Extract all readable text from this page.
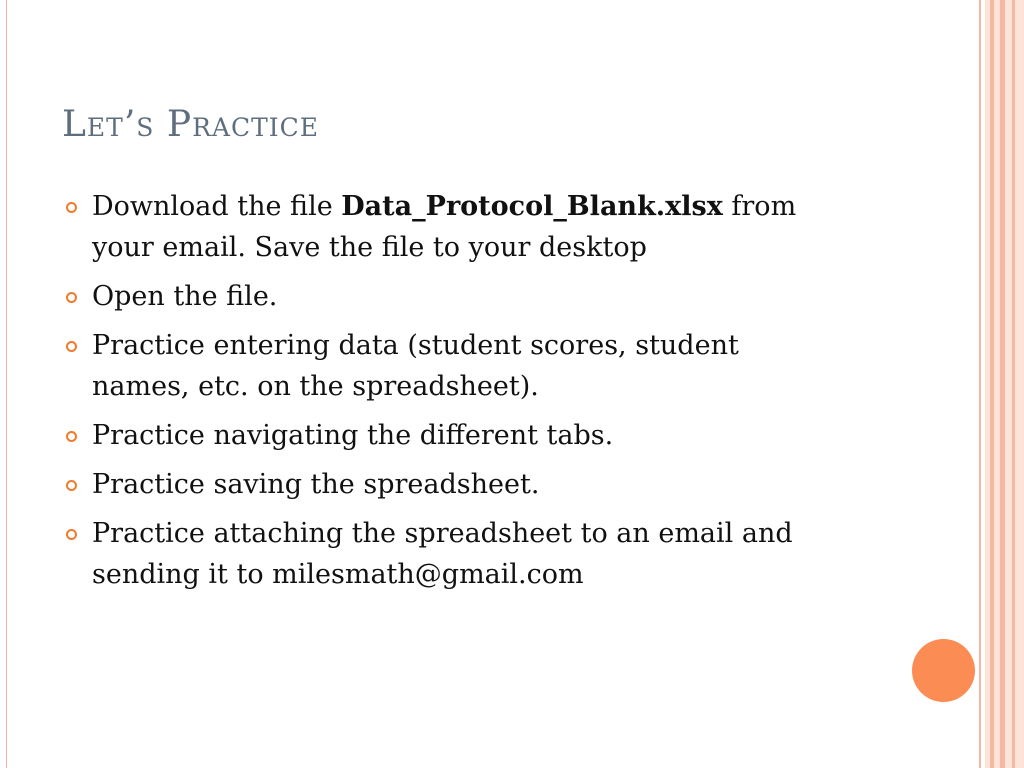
Let’s Practice
Download the file Data_Protocol_Blank.xlsx from your email. Save the file to your desktop
Open the file.
Practice entering data (student scores, student names, etc. on the spreadsheet).
Practice navigating the different tabs.
Practice saving the spreadsheet.
Practice attaching the spreadsheet to an email and sending it to milesmath@gmail.com
